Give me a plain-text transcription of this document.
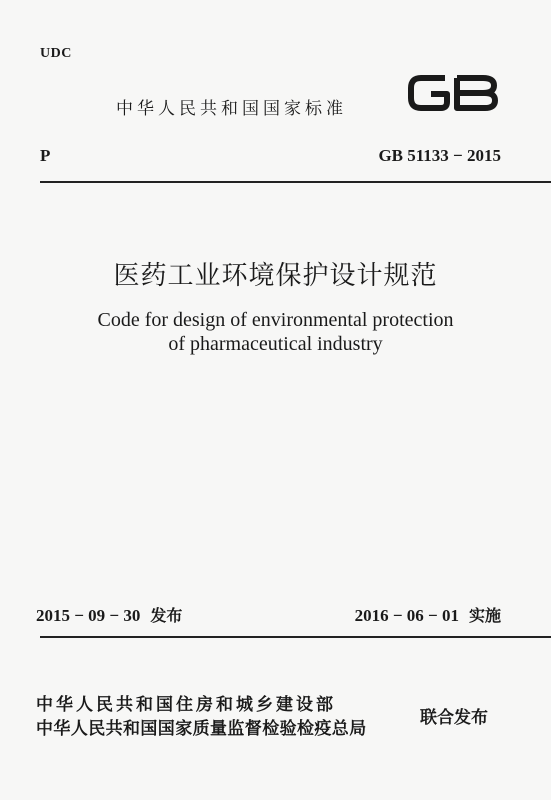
UDC
中华人民共和国国家标准
P	GB 51133 − 2015
医药工业环境保护设计规范
Code for design of environmental protection
of pharmaceutical industry
2015 − 09 − 30 发布	2016 − 06 − 01 实施
中华人民共和国住房和城乡建设部
中华人民共和国国家质量监督检验检疫总局
联合发布
